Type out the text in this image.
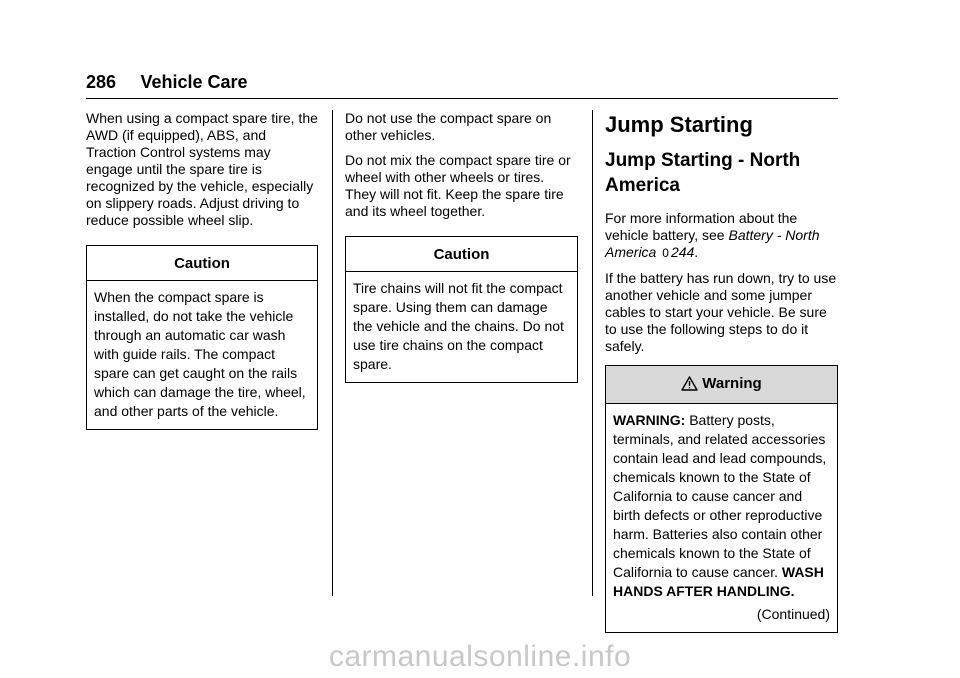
286 Vehicle Care

When using a compact spare tire, the AWD (if equipped), ABS, and Traction Control systems may engage until the spare tire is recognized by the vehicle, especially on slippery roads. Adjust driving to reduce possible wheel slip.

Caution
When the compact spare is installed, do not take the vehicle through an automatic car wash with guide rails. The compact spare can get caught on the rails which can damage the tire, wheel, and other parts of the vehicle.

Do not use the compact spare on other vehicles.

Do not mix the compact spare tire or wheel with other wheels or tires. They will not fit. Keep the spare tire and its wheel together.

Caution
Tire chains will not fit the compact spare. Using them can damage the vehicle and the chains. Do not use tire chains on the compact spare.
Jump Starting
Jump Starting - North America

For more information about the vehicle battery, see Battery - North America 0 244.

If the battery has run down, try to use another vehicle and some jumper cables to start your vehicle. Be sure to use the following steps to do it safely.

Warning
WARNING: Battery posts, terminals, and related accessories contain lead and lead compounds, chemicals known to the State of California to cause cancer and birth defects or other reproductive harm. Batteries also contain other chemicals known to the State of California to cause cancer. WASH HANDS AFTER HANDLING.
(Continued)
carmanualsonline.info
